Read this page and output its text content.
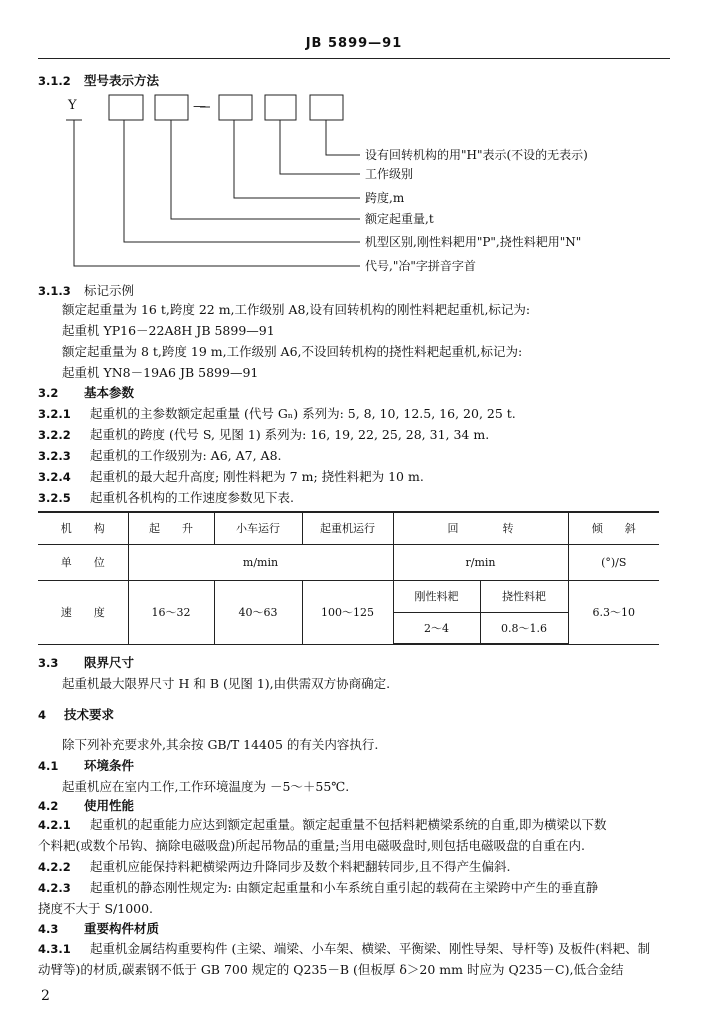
JB 5899—91
3.1.2 型号表示方法
Y
设有回转机构的用"H"表示(不设的无表示)
工作级别
跨度,m
额定起重量,t
机型区别,刚性料耙用"P",挠性料耙用"N"
代号,"冶"字拼音字首
—
3.1.3 标记示例
额定起重量为 16 t,跨度 22 m,工作级别 A8,设有回转机构的刚性料耙起重机,标记为:
起重机 YP16－22A8H JB 5899—91
额定起重量为 8 t,跨度 19 m,工作级别 A6,不设回转机构的挠性料耙起重机,标记为:
起重机 YN8－19A6 JB 5899—91
3.2 基本参数
3.2.1 起重机的主参数额定起重量 (代号 Gₙ) 系列为: 5, 8, 10, 12.5, 16, 20, 25 t.
3.2.2 起重机的跨度 (代号 S, 见图 1) 系列为: 16, 19, 22, 25, 28, 31, 34 m.
3.2.3 起重机的工作级别为: A6, A7, A8.
3.2.4 起重机的最大起升高度; 刚性料耙为 7 m; 挠性料耙为 10 m.
3.2.5 起重机各机构的工作速度参数见下表.
机　　构	起　　升	小车运行	起重机运行	回　　　　转		倾　　斜
单　　位	m/min			r/min		(°)/S
速　　度	16～32	40～63	100～125	刚性料耙	挠性料耙	6.3～10
				2～4	0.8～1.6	
3.3 限界尺寸
起重机最大限界尺寸 H 和 B (见图 1),由供需双方协商确定.
4 技术要求
除下列补充要求外,其余按 GB/T 14405 的有关内容执行.
4.1 环境条件
起重机应在室内工作,工作环境温度为 －5～＋55℃.
4.2 使用性能
4.2.1 起重机的起重能力应达到额定起重量。额定起重量不包括料耙横梁系统的自重,即为横梁以下数
个料耙(或数个吊钩、摘除电磁吸盘)所起吊物品的重量;当用电磁吸盘时,则包括电磁吸盘的自重在内.
4.2.2 起重机应能保持料耙横梁两边升降同步及数个料耙翻转同步,且不得产生偏斜.
4.2.3 起重机的静态刚性规定为: 由额定起重量和小车系统自重引起的载荷在主梁跨中产生的垂直静
挠度不大于 S/1000.
4.3 重要构件材质
4.3.1 起重机金属结构重要构件 (主梁、端梁、小车架、横梁、平衡梁、刚性导架、导杆等) 及板件(料耙、制
动臂等)的材质,碳素钢不低于 GB 700 规定的 Q235－B (但板厚 δ＞20 mm 时应为 Q235－C),低合金结
2
